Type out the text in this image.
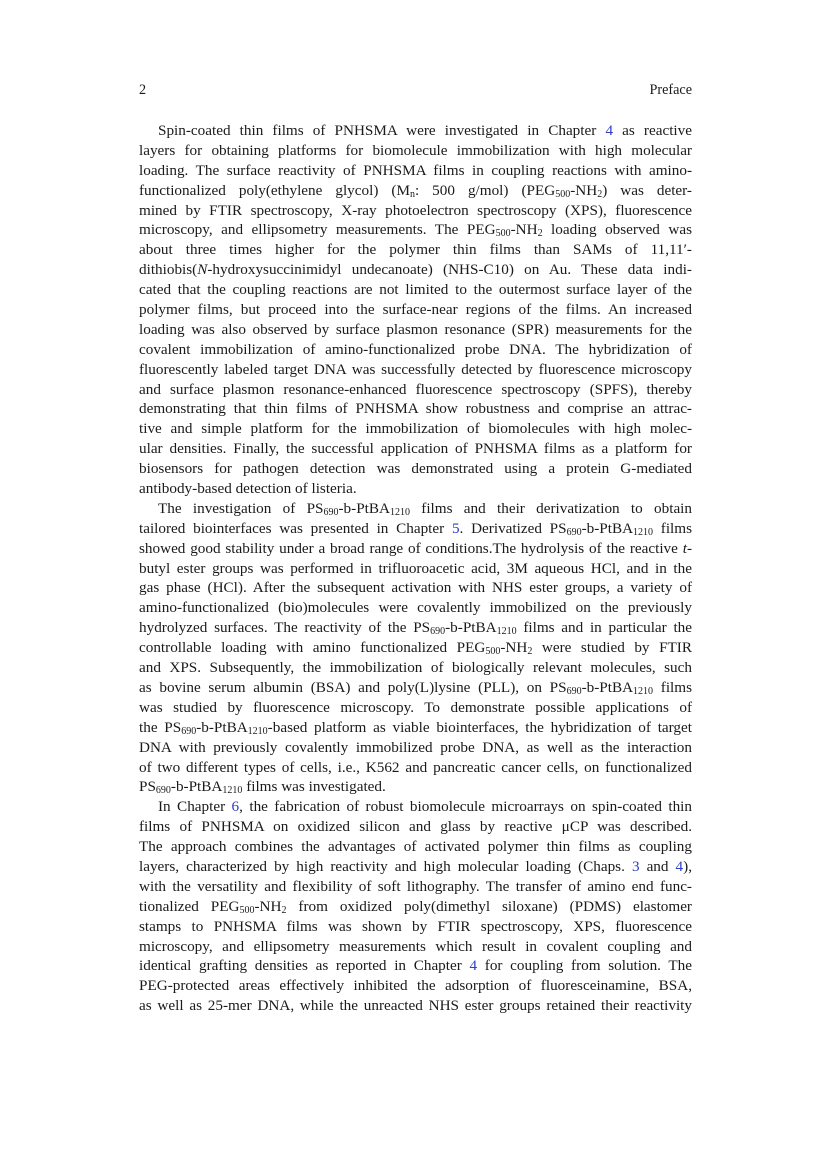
2	Preface
Spin-coated thin films of PNHSMA were investigated in Chapter 4 as reactive
layers for obtaining platforms for biomolecule immobilization with high molecular
loading. The surface reactivity of PNHSMA films in coupling reactions with amino-
functionalized poly(ethylene glycol) ($M_n$: 500 g/mol) $(PEG_{500}-NH_2)$ was deter-
mined by FTIR spectroscopy, X-ray photoelectron spectroscopy (XPS), fluorescence
microscopy, and ellipsometry measurements. The $PEG_{500}-NH_2$ loading observed was
about three times higher for the polymer thin films than SAMs of 11,11′-
dithiobis(N-hydroxysuccinimidyl undecanoate) (NHS-C10) on Au. These data indi-
cated that the coupling reactions are not limited to the outermost surface layer of the
polymer films, but proceed into the surface-near regions of the films. An increased
loading was also observed by surface plasmon resonance (SPR) measurements for the
covalent immobilization of amino-functionalized probe DNA. The hybridization of
fluorescently labeled target DNA was successfully detected by fluorescence microscopy
and surface plasmon resonance-enhanced fluorescence spectroscopy (SPFS), thereby
demonstrating that thin films of PNHSMA show robustness and comprise an attrac-
tive and simple platform for the immobilization of biomolecules with high molec-
ular densities. Finally, the successful application of PNHSMA films as a platform for
biosensors for pathogen detection was demonstrated using a protein G-mediated
antibody-based detection of listeria.
The investigation of $PS_{690}-b-PtBA_{1210}$ films and their derivatization to obtain
tailored biointerfaces was presented in Chapter 5. Derivatized $PS_{690}-b-PtBA_{1210}$ films
showed good stability under a broad range of conditions.The hydrolysis of the reactive t-
butyl ester groups was performed in trifluoroacetic acid, 3M aqueous HCl, and in the
gas phase (HCl). After the subsequent activation with NHS ester groups, a variety of
amino-functionalized (bio)molecules were covalently immobilized on the previously
hydrolyzed surfaces. The reactivity of the $PS_{690}-b-PtBA_{1210}$ films and in particular the
controllable loading with amino functionalized $PEG_{500}-NH_2$ were studied by FTIR
and XPS. Subsequently, the immobilization of biologically relevant molecules, such
as bovine serum albumin (BSA) and poly(L)lysine (PLL), on $PS_{690}-b-PtBA_{1210}$ films
was studied by fluorescence microscopy. To demonstrate possible applications of
the $PS_{690}-b-PtBA_{1210}$-based platform as viable biointerfaces, the hybridization of target
DNA with previously covalently immobilized probe DNA, as well as the interaction
of two different types of cells, i.e., K562 and pancreatic cancer cells, on functionalized
$PS_{690}-b-PtBA_{1210}$ films was investigated.
In Chapter 6, the fabrication of robust biomolecule microarrays on spin-coated thin
films of PNHSMA on oxidized silicon and glass by reactive μCP was described.
The approach combines the advantages of activated polymer thin films as coupling
layers, characterized by high reactivity and high molecular loading (Chaps. 3 and 4),
with the versatility and flexibility of soft lithography. The transfer of amino end func-
tionalized $PEG_{500}-NH_2$ from oxidized poly(dimethyl siloxane) (PDMS) elastomer
stamps to PNHSMA films was shown by FTIR spectroscopy, XPS, fluorescence
microscopy, and ellipsometry measurements which result in covalent coupling and
identical grafting densities as reported in Chapter 4 for coupling from solution. The
PEG-protected areas effectively inhibited the adsorption of fluoresceinamine, BSA,
as well as 25-mer DNA, while the unreacted NHS ester groups retained their reactivity
